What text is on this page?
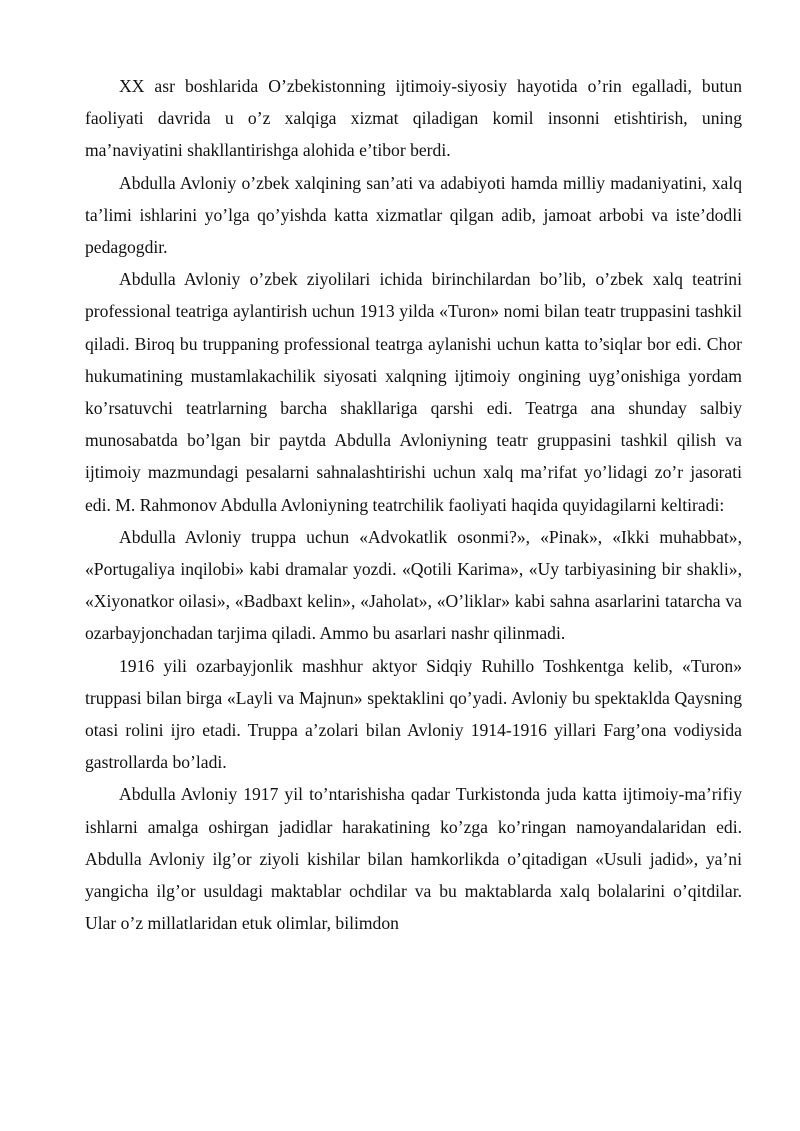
XX asr boshlarida O’zbekistonning ijtimoiy-siyosiy hayotida o’rin egalladi, butun faoliyati davrida u o’z xalqiga xizmat qiladigan komil insonni etishtirish, uning ma’naviyatini shakllantirishga alohida e’tibor berdi.

Abdulla Avloniy o’zbek xalqining san’ati va adabiyoti hamda milliy madaniyatini, xalq ta’limi ishlarini yo’lga qo’yishda katta xizmatlar qilgan adib, jamoat arbobi va iste’dodli pedagogdir.

Abdulla Avloniy o’zbek ziyolilari ichida birinchilardan bo’lib, o’zbek xalq teatrini professional teatriga aylantirish uchun 1913 yilda «Turon» nomi bilan teatr truppasini tashkil qiladi. Biroq bu truppaning professional teatrga aylanishi uchun katta to’siqlar bor edi. Chor hukumatining mustamlakachilik siyosati xalqning ijtimoiy ongining uyg’onishiga yordam ko’rsatuvchi teatrlarning barcha shakllariga qarshi edi. Teatrga ana shunday salbiy munosabatda bo’lgan bir paytda Abdulla Avloniyning teatr gruppasini tashkil qilish va ijtimoiy mazmundagi pesalarni sahnalashtirishi uchun xalq ma’rifat yo’lidagi zo’r jasorati edi. M. Rahmonov Abdulla Avloniyning teatrchilik faoliyati haqida quyidagilarni keltiradi:

Abdulla Avloniy truppa uchun «Advokatlik osonmi?», «Pinak», «Ikki muhabbat», «Portugaliya inqilobi» kabi dramalar yozdi. «Qotili Karima», «Uy tarbiyasining bir shakli», «Xiyonatkor oilasi», «Badbaxt kelin», «Jaholat», «O’liklar» kabi sahna asarlarini tatarcha va ozarbayjonchadan tarjima qiladi. Ammo bu asarlari nashr qilinmadi.

1916 yili ozarbayjonlik mashhur aktyor Sidqiy Ruhillo Toshkentga kelib, «Turon» truppasi bilan birga «Layli va Majnun» spektaklini qo’yadi. Avloniy bu spektakldа Qaysning otasi rolini ijro etadi. Truppa a’zolari bilan Avloniy 1914-1916 yillari Farg’ona vodiysida gastrollarda bo’ladi.

Abdulla Avloniy 1917 yil to’ntarishisha qadar Turkistonda juda katta ijtimoiy-ma’rifiy ishlarni amalga oshirgan jadidlar harakatining ko’zga ko’ringan namoyandalaridan edi. Abdulla Avloniy ilg’or ziyoli kishilar bilan hamkorlikda o’qitadigan «Usuli jadid», ya’ni yangicha ilg’or usuldagi maktablar ochdilar va bu maktablarda xalq bolalarini o’qitdilar. Ular o’z millatlaridan etuk olimlar, bilimdon
